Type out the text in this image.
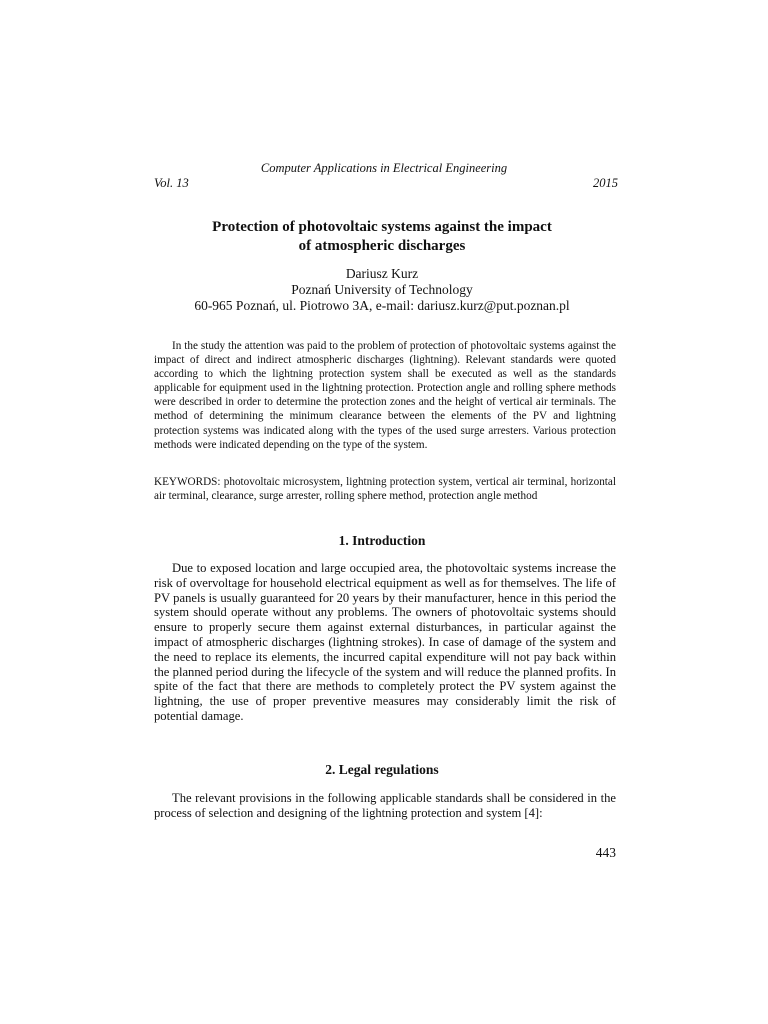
Computer Applications in Electrical Engineering
Vol. 13	2015
Protection of photovoltaic systems against the impact
of atmospheric discharges
Dariusz Kurz
Poznań University of Technology
60-965 Poznań, ul. Piotrowo 3A, e-mail: dariusz.kurz@put.poznan.pl

In the study the attention was paid to the problem of protection of photovoltaic systems against the impact of direct and indirect atmospheric discharges (lightning). Relevant standards were quoted according to which the lightning protection system shall be executed as well as the standards applicable for equipment used in the lightning protection. Protection angle and rolling sphere methods were described in order to determine the protection zones and the height of vertical air terminals. The method of determining the minimum clearance between the elements of the PV and lightning protection systems was indicated along with the types of the used surge arresters. Various protection methods were indicated depending on the type of the system.

KEYWORDS: photovoltaic microsystem, lightning protection system, vertical air terminal, horizontal air terminal, clearance, surge arrester, rolling sphere method, protection angle method

1. Introduction

Due to exposed location and large occupied area, the photovoltaic systems increase the risk of overvoltage for household electrical equipment as well as for themselves. The life of PV panels is usually guaranteed for 20 years by their manufacturer, hence in this period the system should operate without any problems. The owners of photovoltaic systems should ensure to properly secure them against external disturbances, in particular against the impact of atmospheric discharges (lightning strokes). In case of damage of the system and the need to replace its elements, the incurred capital expenditure will not pay back within the planned period during the lifecycle of the system and will reduce the planned profits. In spite of the fact that there are methods to completely protect the PV system against the lightning, the use of proper preventive measures may considerably limit the risk of potential damage.

2. Legal regulations

The relevant provisions in the following applicable standards shall be considered in the process of selection and designing of the lightning protection and system [4]:

443
